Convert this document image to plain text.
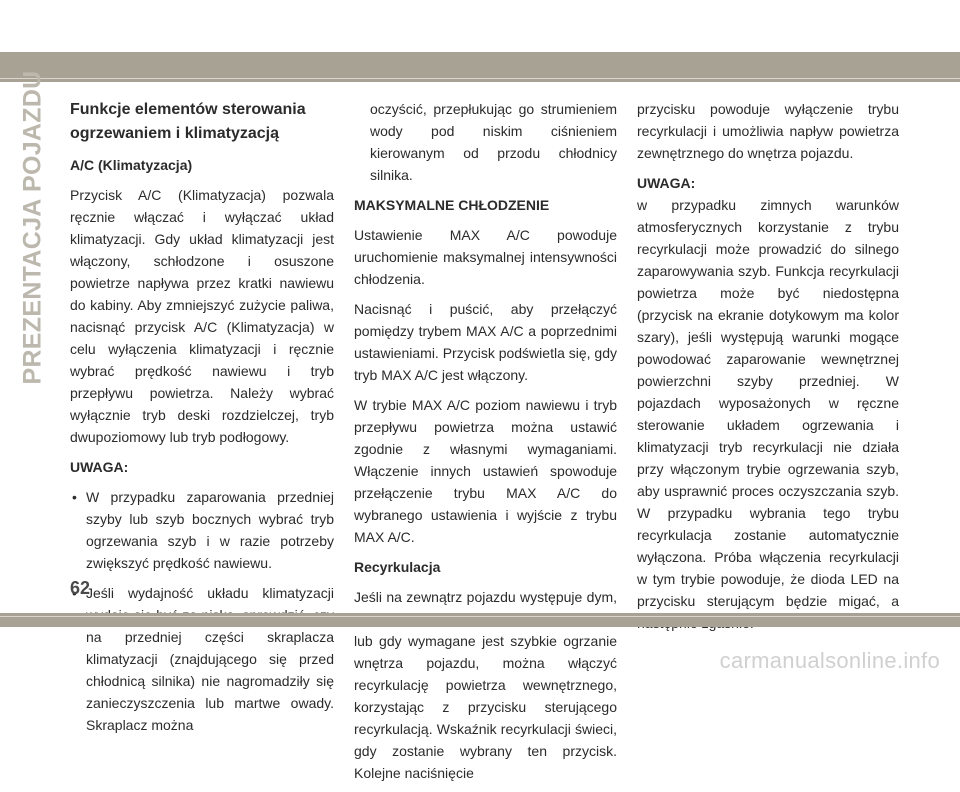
PREZENTACJA POJAZDU Funkcje elementów sterowania ogrzewaniem i klimatyzacją
A/C (Klimatyzacja)

Przycisk A/C (Klimatyzacja) pozwala ręcznie włączać i wyłączać układ klimatyzacji. Gdy układ klimatyzacji jest włączony, schłodzone i osuszone powietrze napływa przez kratki nawiewu do kabiny. Aby zmniejszyć zużycie paliwa, nacisnąć przycisk A/C (Klimatyzacja) w celu wyłączenia klimatyzacji i ręcznie wybrać prędkość nawiewu i tryb przepływu powietrza. Należy wybrać wyłącznie tryb deski rozdzielczej, tryb dwupoziomowy lub tryb podłogowy.

UWAGA:
• W przypadku zaparowania przedniej szyby lub szyb bocznych wybrać tryb ogrzewania szyb i w razie potrzeby zwiększyć prędkość nawiewu.
• Jeśli wydajność układu klimatyzacji na przedniej części skraplacza klimatyzacji (znajdującego się przed chłodnicą silnika) nie nagromadziły się zanieczyszczenia lub martwe owady. Skraplacz można

oczyścić, przepłukując go strumieniem wody pod niskim ciśnieniem kierowanym od przodu chłodnicy silnika.

MAKSYMALNE CHŁODZENIE

Ustawienie MAX A/C powoduje uruchomienie maksymalnej intensywności chłodzenia.

Nacisnąć i puścić, aby przełączyć pomiędzy trybem MAX A/C a poprzednimi ustawieniami. Przycisk podświetla się, gdy tryb MAX A/C jest włączony.

W trybie MAX A/C poziom nawiewu i tryb przepływu powietrza można ustawić zgodnie z własnymi wymaganiami. Włączenie innych ustawień spowoduje przełączenie trybu MAX A/C do wybranego ustawienia i wyjście z trybu MAX A/C.

Recyrkulacja

Jeśli na zewnątrz pojazdu występuje dym, lub gdy wymagane jest szybkie ogrzanie wnętrza pojazdu, można włączyć recyrkulację powietrza wewnętrznego, korzystając z przycisku sterującego recyrkulacją. Wskaźnik recyrkulacji świeci, gdy zostanie wybrany ten przycisk. Kolejne naciśnięcie

przycisku powoduje wyłączenie trybu recyrkulacji i umożliwia napływ powietrza zewnętrznego do wnętrza pojazdu.

UWAGA:

w przypadku zimnych warunków atmosferycznych korzystanie z trybu recyrkulacji może prowadzić do silnego zaparowywania szyb. Funkcja recyrkulacji powietrza może być niedostępna (przycisk na ekranie dotykowym ma kolor szary), jeśli występują warunki mogące powodować zaparowanie wewnętrznej powierzchni szyby przedniej. W pojazdach wyposażonych w ręczne sterowanie układem ogrzewania i klimatyzacji tryb recyrkulacji nie działa przy włączonym trybie ogrzewania szyb, aby usprawnić proces oczyszczania szyb. W przypadku wybrania tego trybu recyrkulacja zostanie automatycznie wyłączona. Próba włączenia recyrkulacji w tym trybie powoduje, że dioda LED na przycisku sterującym będzie migać, a

62
carmanualsonline.info
